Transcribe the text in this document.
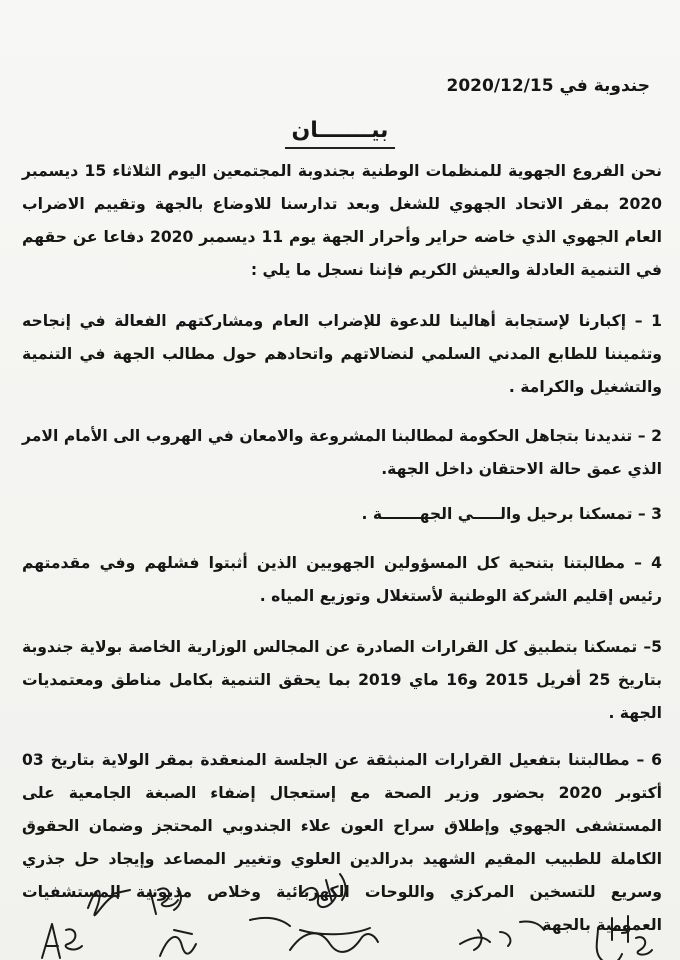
جندوبة في 2020/12/15
بيـــــــان

نحن الفروع الجهوية للمنظمات الوطنية بجندوبة المجتمعين اليوم الثلاثاء 15 ديسمبر 2020 بمقر الاتحاد الجهوي للشغل وبعد تدارسنا للاوضاع بالجهة وتقييم الاضراب العام الجهوي الذي خاضه حراير وأحرار الجهة يوم 11 ديسمبر 2020 دفاعا عن حقهم في التنمية العادلة والعيش الكريم فإننا نسجل ما يلي :

1 – إكبارنا لإستجابة أهالينا للدعوة للإضراب العام ومشاركتهم الفعالة في إنجاحه وتثميننا للطابع المدني السلمي لنضالاتهم واتحادهم حول مطالب الجهة في التنمية والتشغيل والكرامة .

2 – تنديدنا بتجاهل الحكومة لمطالبنا المشروعة والامعان في الهروب الى الأمام الامر الذي عمق حالة الاحتقان داخل الجهة.

3 – تمسكنا برحيل والـــــي الجهـــــــة .

4 – مطالبتنا بتنحية كل المسؤولين الجهويين الذين أثبتوا فشلهم وفي مقدمتهم رئيس إقليم الشركة الوطنية لأستغلال وتوزيع المياه .

5– تمسكنا بتطبيق كل القرارات الصادرة عن المجالس الوزارية الخاصة بولاية جندوبة بتاريخ 25 أفريل 2015 و16 ماي 2019 بما يحقق التنمية بكامل مناطق ومعتمديات الجهة .

6 – مطالبتنا بتفعيل القرارات المنبثقة عن الجلسة المنعقدة بمقر الولاية بتاريخ 03 أكتوبر 2020 بحضور وزير الصحة مع إستعجال إضفاء الصبغة الجامعية على المستشفى الجهوي وإطلاق سراح العون علاء الجندوبي المحتجز وضمان الحقوق الكاملة للطبيب المقيم الشهيد بدرالدين العلوي وتغيير المصاعد وإيجاد حل جذري وسريع للتسخين المركزي واللوحات الكهربائية وخلاص مديونية المستشفيات العمومية بالجهة
